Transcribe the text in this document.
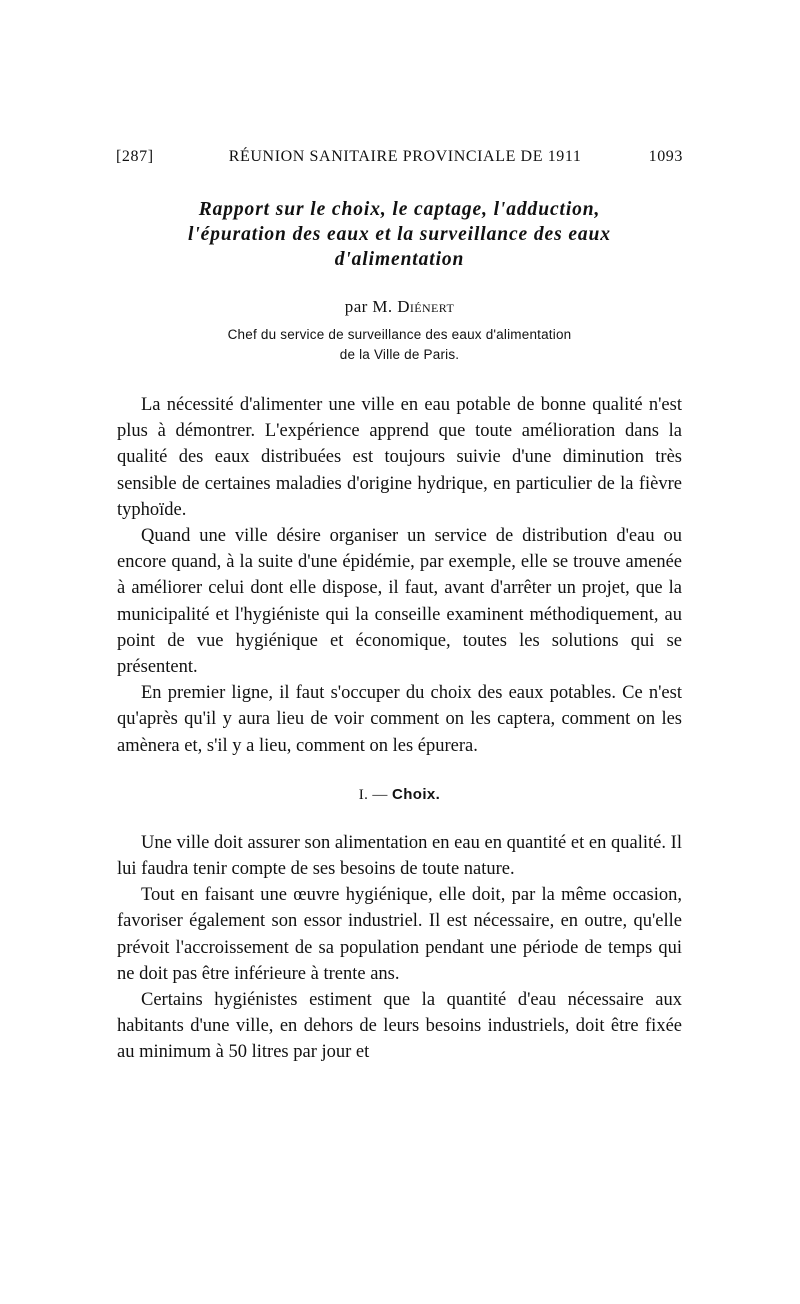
[287]	RÉUNION SANITAIRE PROVINCIALE DE 1911	1093
Rapport sur le choix, le captage, l'adduction,
l'épuration des eaux et la surveillance des eaux
d'alimentation
par M. Diénert
Chef du service de surveillance des eaux d'alimentation
de la Ville de Paris.

La nécessité d'alimenter une ville en eau potable de bonne qualité n'est plus à démontrer. L'expérience apprend que toute amélioration dans la qualité des eaux distribuées est toujours suivie d'une diminution très sensible de certaines maladies d'origine hydrique, en particulier de la fièvre typhoïde.

Quand une ville désire organiser un service de distribution d'eau ou encore quand, à la suite d'une épidémie, par exemple, elle se trouve amenée à améliorer celui dont elle dispose, il faut, avant d'arrêter un projet, que la municipalité et l'hygiéniste qui la conseille examinent méthodiquement, au point de vue hygiénique et économique, toutes les solutions qui se présentent.

En premier ligne, il faut s'occuper du choix des eaux potables. Ce n'est qu'après qu'il y aura lieu de voir comment on les captera, comment on les amènera et, s'il y a lieu, comment on les épurera.

I. — Choix.

Une ville doit assurer son alimentation en eau en quantité et en qualité. Il lui faudra tenir compte de ses besoins de toute nature.

Tout en faisant une œuvre hygiénique, elle doit, par la même occasion, favoriser également son essor industriel. Il est nécessaire, en outre, qu'elle prévoit l'accroissement de sa population pendant une période de temps qui ne doit pas être inférieure à trente ans.

Certains hygiénistes estiment que la quantité d'eau nécessaire aux habitants d'une ville, en dehors de leurs besoins industriels, doit être fixée au minimum à 50 litres par jour et
